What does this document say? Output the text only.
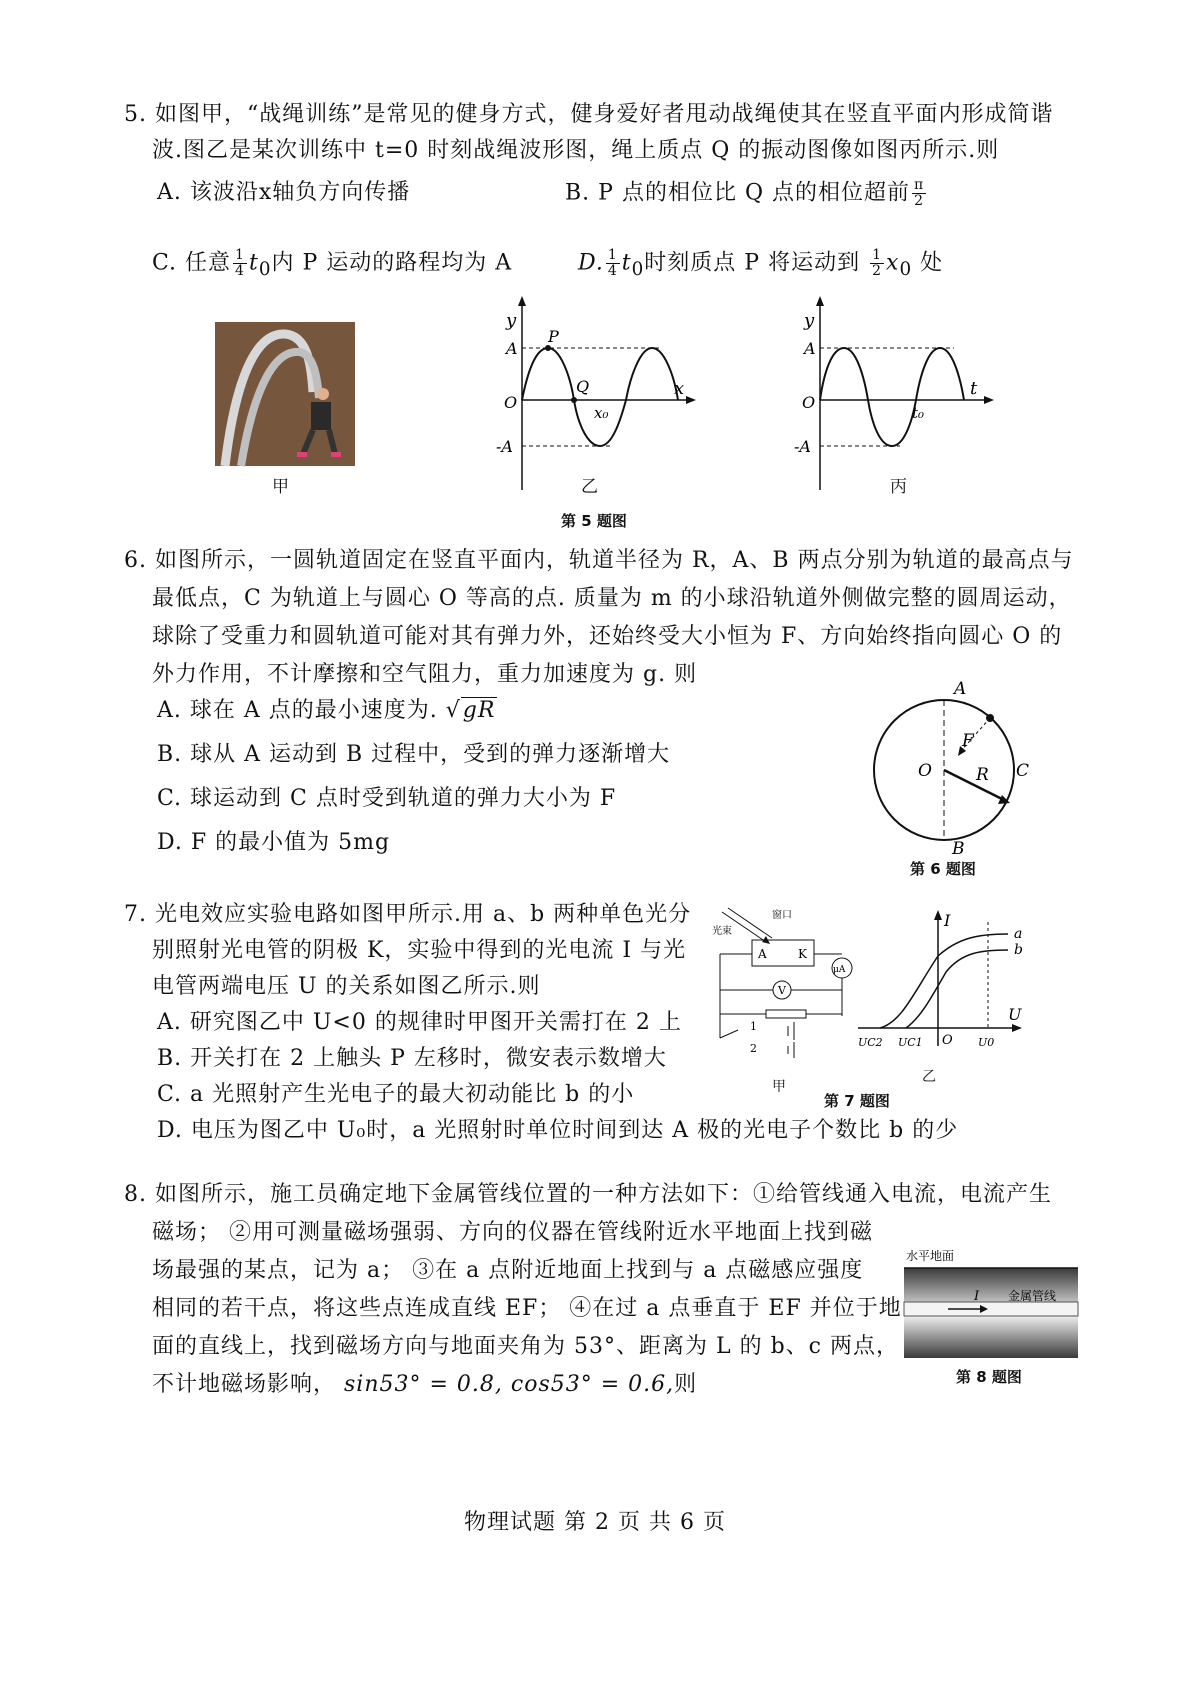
5. 如图甲，“战绳训练”是常见的健身方式，健身爱好者甩动战绳使其在竖直平面内形成简谐
波.图乙是某次训练中 t=0 时刻战绳波形图，绳上质点 Q 的振动图像如图丙所示.则
A. 该波沿x轴负方向传播	B. P 点的相位比 Q 点的相位超前 $\frac{\pi}{2}$
C. 任意 $\frac{1}{4} t_0$内 P 运动的路程均为 A	D. $\frac{1}{4} t_0$时刻质点 P 将运动到 $\frac{1}{2} x_0$ 处
甲
y
x
A
-A
O
P
Q
x₀
乙
y
t
A
-A
O
t₀
丙
第 5 题图
6. 如图所示，一圆轨道固定在竖直平面内，轨道半径为 R，A、B 两点分别为轨道的最高点与
最低点，C 为轨道上与圆心 O 等高的点. 质量为 m 的小球沿轨道外侧做完整的圆周运动，
球除了受重力和圆轨道可能对其有弹力外，还始终受大小恒为 F、方向始终指向圆心 O 的
外力作用，不计摩擦和空气阻力，重力加速度为 g. 则
A. 球在 A 点的最小速度为. √gR
B. 球从 A 运动到 B 过程中，受到的弹力逐渐增大
C. 球运动到 C 点时受到轨道的弹力大小为 F
D. F 的最小值为 5mg
A
B
C
O
F
R
第 6 题图
7. 光电效应实验电路如图甲所示.用 a、b 两种单色光分
别照射光电管的阴极 K，实验中得到的光电流 I 与光
电管两端电压 U 的关系如图乙所示.则
A. 研究图乙中 U<0 的规律时甲图开关需打在 2 上
B. 开关打在 2 上触头 P 左移时，微安表示数增大
C. a 光照射产生光电子的最大初动能比 b 的小
D. 电压为图乙中 U₀时，a 光照射时单位时间到达 A 极的光电子个数比 b 的少
光束
窗口
A	K
μA
V
1
2
甲
I
U
a
b
O
UC2 UC1	U0
乙
第 7 题图
8. 如图所示，施工员确定地下金属管线位置的一种方法如下：①给管线通入电流，电流产生
磁场； ②用可测量磁场强弱、方向的仪器在管线附近水平地面上找到磁
场最强的某点，记为 a； ③在 a 点附近地面上找到与 a 点磁感应强度
相同的若干点，将这些点连成直线 EF； ④在过 a 点垂直于 EF 并位于地
面的直线上，找到磁场方向与地面夹角为 53°、距离为 L 的 b、c 两点，
不计地磁场影响， sin53° = 0.8, cos53° = 0.6,则
水平地面
I 金属管线
第 8 题图
物理试题 第 2 页 共 6 页
